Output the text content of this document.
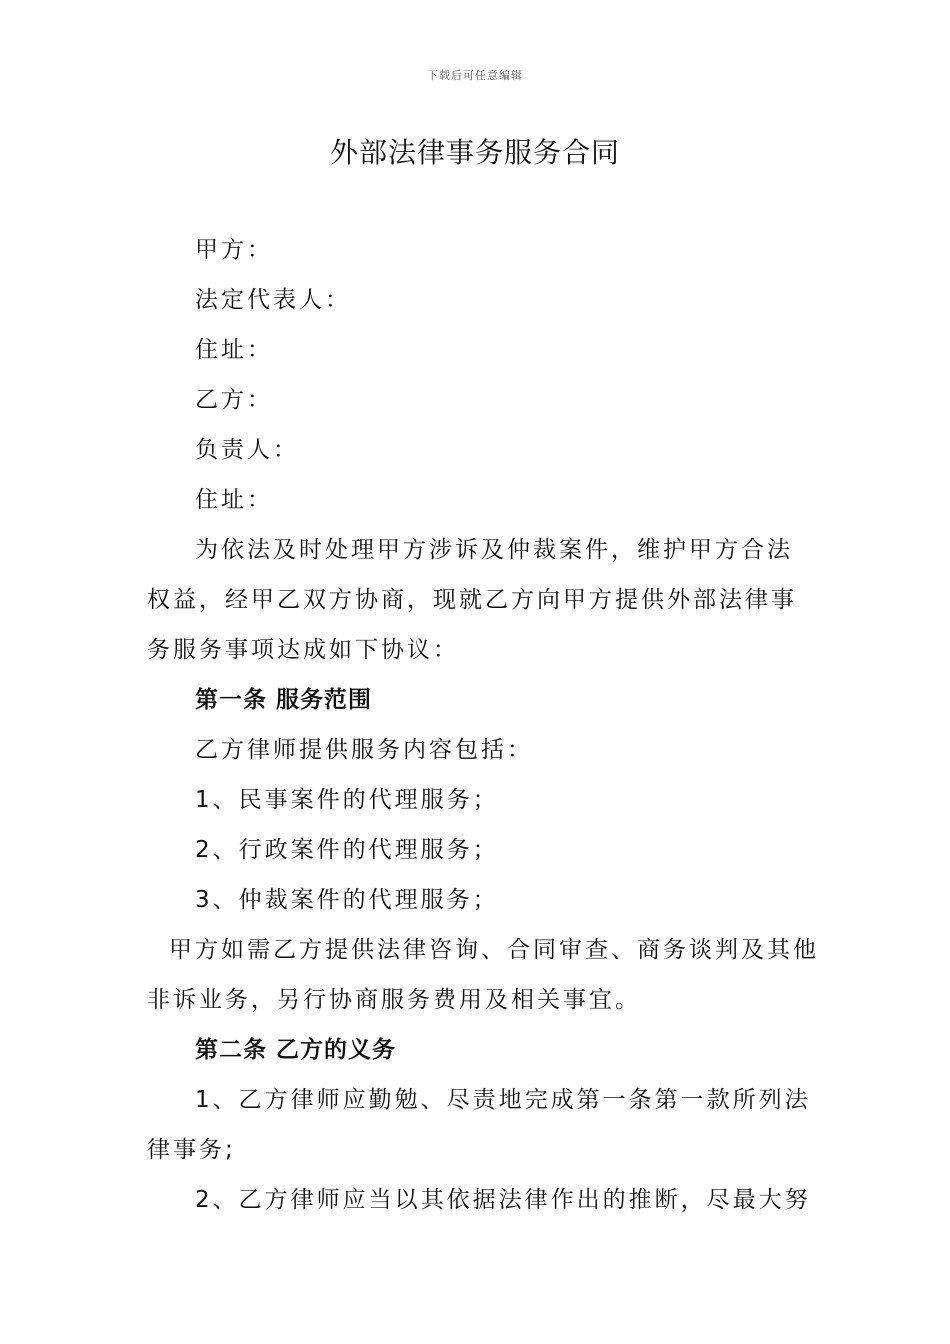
下载后可任意编辑
外部法律事务服务合同
甲方：
法定代表人：
住址：
乙方：
负责人：
住址：
为依法及时处理甲方涉诉及仲裁案件，维护甲方合法
权益，经甲乙双方协商，现就乙方向甲方提供外部法律事
务服务事项达成如下协议：
第一条 服务范围
乙方律师提供服务内容包括：
1、民事案件的代理服务；
2、行政案件的代理服务；
3、仲裁案件的代理服务；
甲方如需乙方提供法律咨询、合同审查、商务谈判及其他
非诉业务，另行协商服务费用及相关事宜。
第二条 乙方的义务
1、乙方律师应勤勉、尽责地完成第一条第一款所列法
律事务;
2、乙方律师应当以其依据法律作出的推断，尽最大努
